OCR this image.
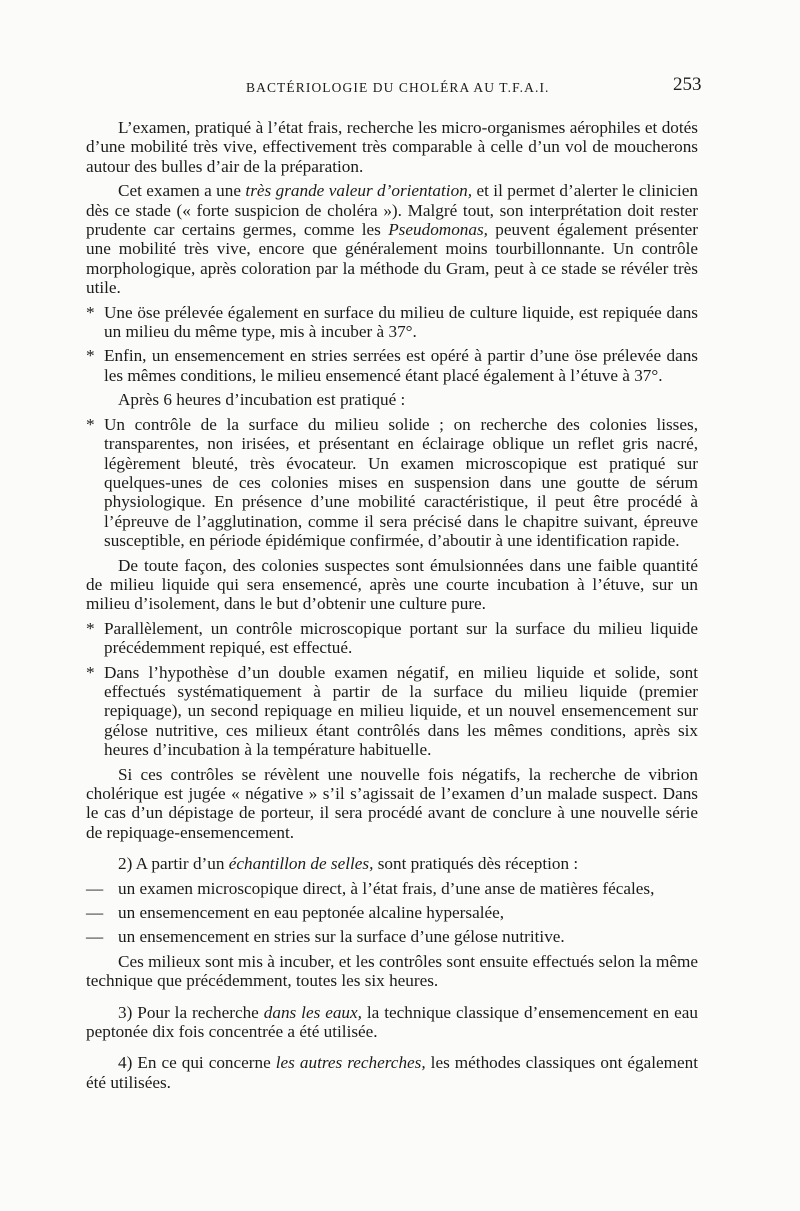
BACTÉRIOLOGIE DU CHOLÉRA AU T.F.A.I.	253

L’examen, pratiqué à l’état frais, recherche les micro-organismes aérophiles et dotés d’une mobilité très vive, effectivement très comparable à celle d’un vol de moucherons autour des bulles d’air de la préparation.

Cet examen a une très grande valeur d’orientation, et il permet d’alerter le clinicien dès ce stade (« forte suspicion de choléra »). Malgré tout, son interprétation doit rester prudente car certains germes, comme les Pseudomonas, peuvent également présenter une mobilité très vive, encore que généralement moins tourbillonnante. Un contrôle morphologique, après coloration par la méthode du Gram, peut à ce stade se révéler très utile.

* Une öse prélevée également en surface du milieu de culture liquide, est repiquée dans un milieu du même type, mis à incuber à 37°.

* Enfin, un ensemencement en stries serrées est opéré à partir d’une öse prélevée dans les mêmes conditions, le milieu ensemencé étant placé également à l’étuve à 37°.

Après 6 heures d’incubation est pratiqué :

* Un contrôle de la surface du milieu solide ; on recherche des colonies lisses, transparentes, non irisées, et présentant en éclairage oblique un reflet gris nacré, légèrement bleuté, très évocateur. Un examen microscopique est pratiqué sur quelques-unes de ces colonies mises en suspension dans une goutte de sérum physiologique. En présence d’une mobilité caractéristique, il peut être procédé à l’épreuve de l’agglutination, comme il sera précisé dans le chapitre suivant, épreuve susceptible, en période épidémique confirmée, d’aboutir à une identification rapide.

De toute façon, des colonies suspectes sont émulsionnées dans une faible quantité de milieu liquide qui sera ensemencé, après une courte incubation à l’étuve, sur un milieu d’isolement, dans le but d’obtenir une culture pure.

* Parallèlement, un contrôle microscopique portant sur la surface du milieu liquide précédemment repiqué, est effectué.

* Dans l’hypothèse d’un double examen négatif, en milieu liquide et solide, sont effectués systématiquement à partir de la surface du milieu liquide (premier repiquage), un second repiquage en milieu liquide, et un nouvel ensemencement sur gélose nutritive, ces milieux étant contrôlés dans les mêmes conditions, après six heures d’incubation à la température habituelle.

Si ces contrôles se révèlent une nouvelle fois négatifs, la recherche de vibrion cholérique est jugée « négative » s’il s’agissait de l’examen d’un malade suspect. Dans le cas d’un dépistage de porteur, il sera procédé avant de conclure à une nouvelle série de repiquage-ensemencement.

2) A partir d’un échantillon de selles, sont pratiqués dès réception :

— un examen microscopique direct, à l’état frais, d’une anse de matières fécales,

— un ensemencement en eau peptonée alcaline hypersalée,

— un ensemencement en stries sur la surface d’une gélose nutritive.

Ces milieux sont mis à incuber, et les contrôles sont ensuite effectués selon la même technique que précédemment, toutes les six heures.

3) Pour la recherche dans les eaux, la technique classique d’ensemencement en eau peptonée dix fois concentrée a été utilisée.

4) En ce qui concerne les autres recherches, les méthodes classiques ont également été utilisées.
